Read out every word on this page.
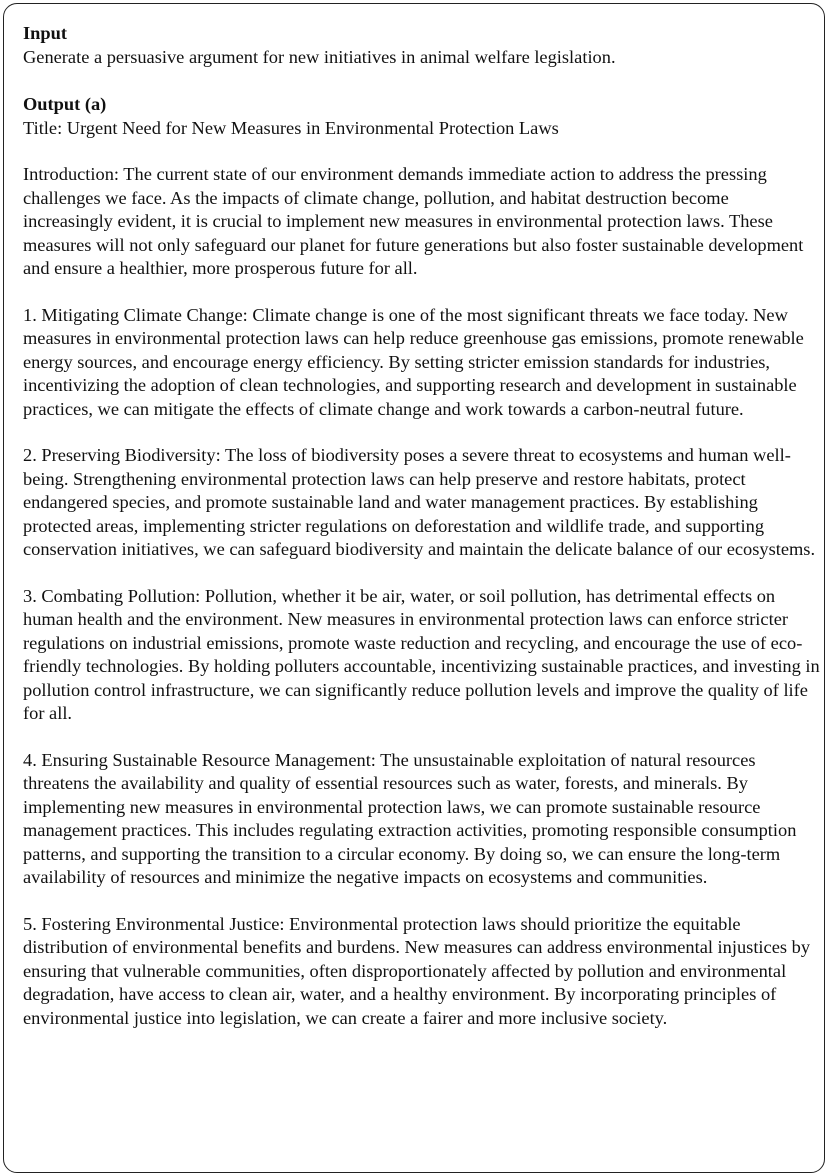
Input

Generate a persuasive argument for new initiatives in animal welfare legislation.

Output (a)

Title: Urgent Need for New Measures in Environmental Protection Laws

Introduction: The current state of our environment demands immediate action to address the pressing challenges we face. As the impacts of climate change, pollution, and habitat destruction become increasingly evident, it is crucial to implement new measures in environmental protection laws. These measures will not only safeguard our planet for future generations but also foster sustainable development and ensure a healthier, more prosperous future for all.

1. Mitigating Climate Change: Climate change is one of the most significant threats we face today. New measures in environmental protection laws can help reduce greenhouse gas emissions, promote renewable energy sources, and encourage energy efficiency. By setting stricter emission standards for industries, incentivizing the adoption of clean technologies, and supporting research and development in sustainable practices, we can mitigate the effects of climate change and work towards a carbon-neutral future.

2. Preserving Biodiversity: The loss of biodiversity poses a severe threat to ecosystems and human well-being. Strengthening environmental protection laws can help preserve and restore habitats, protect endangered species, and promote sustainable land and water management practices. By establishing protected areas, implementing stricter regulations on deforestation and wildlife trade, and supporting conservation initiatives, we can safeguard biodiversity and maintain the delicate balance of our ecosystems.

3. Combating Pollution: Pollution, whether it be air, water, or soil pollution, has detrimental effects on human health and the environment. New measures in environmental protection laws can enforce stricter regulations on industrial emissions, promote waste reduction and recycling, and encourage the use of eco-friendly technologies. By holding polluters accountable, incentivizing sustainable practices, and investing in pollution control infrastructure, we can significantly reduce pollution levels and improve the quality of life for all.

4. Ensuring Sustainable Resource Management: The unsustainable exploitation of natural resources threatens the availability and quality of essential resources such as water, forests, and minerals. By implementing new measures in environmental protection laws, we can promote sustainable resource management practices. This includes regulating extraction activities, promoting responsible consumption patterns, and supporting the transition to a circular economy. By doing so, we can ensure the long-term availability of resources and minimize the negative impacts on ecosystems and communities.

5. Fostering Environmental Justice: Environmental protection laws should prioritize the equitable distribution of environmental benefits and burdens. New measures can address environmental injustices by ensuring that vulnerable communities, often disproportionately affected by pollution and environmental degradation, have access to clean air, water, and a healthy environment. By incorporating principles of environmental justice into legislation, we can create a fairer and more inclusive society.
